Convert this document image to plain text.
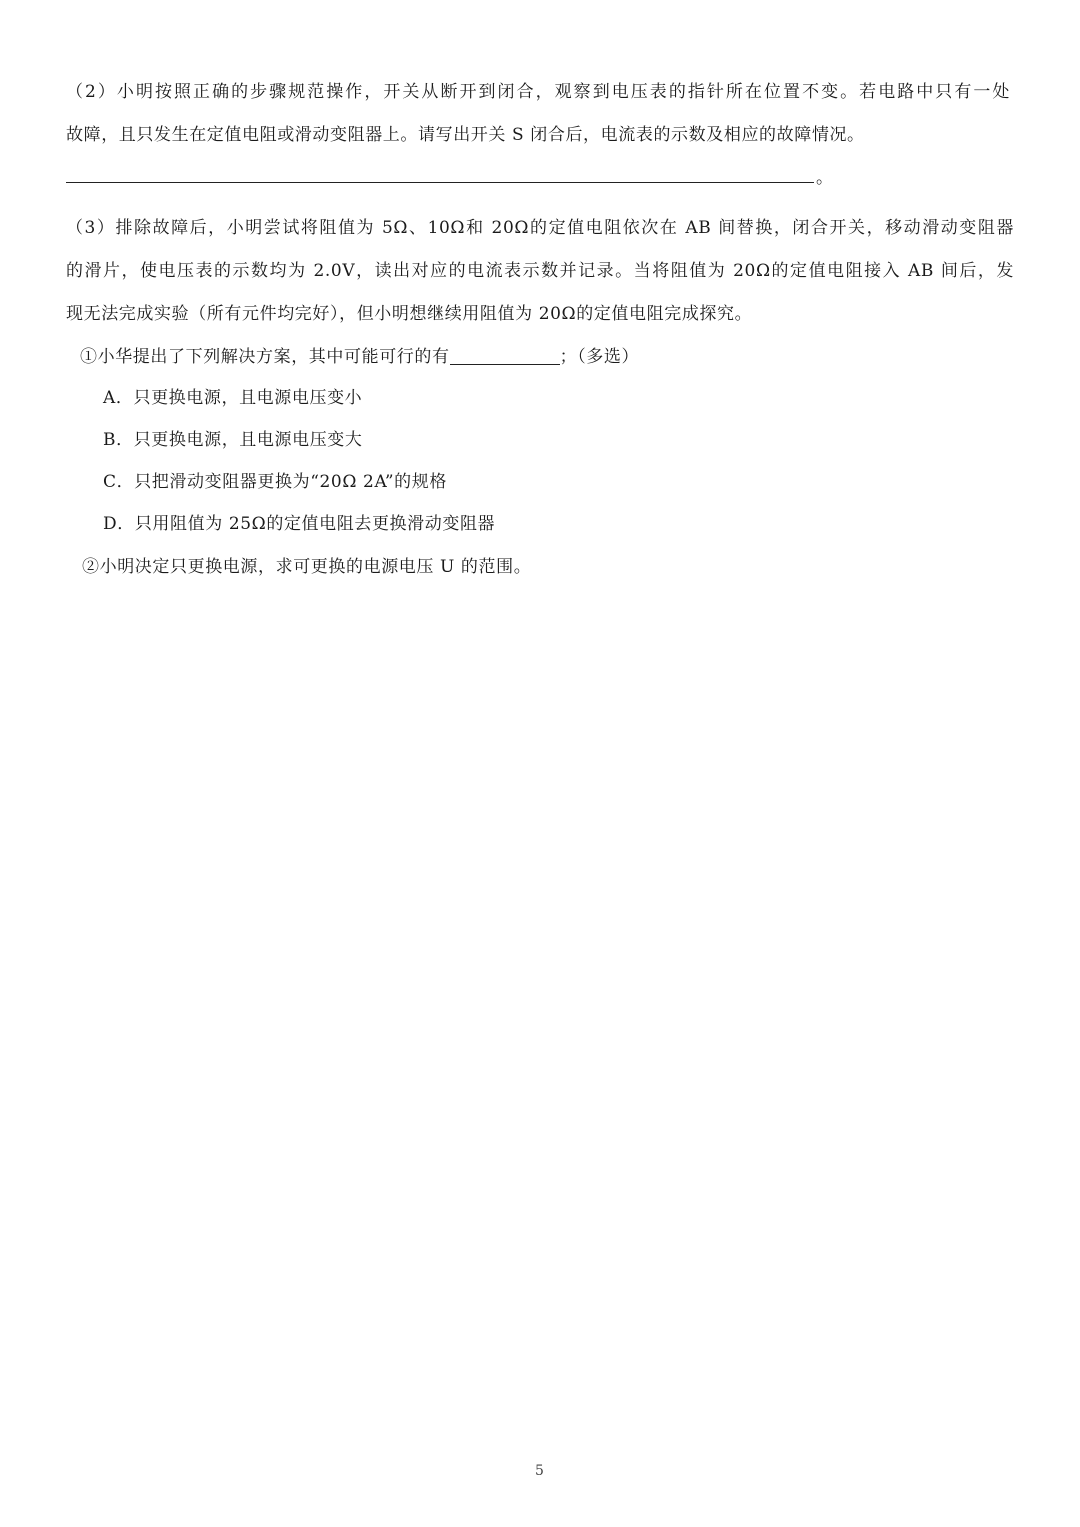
（2）小明按照正确的步骤规范操作，开关从断开到闭合，观察到电压表的指针所在位置不变。若电路中只有一处
故障，且只发生在定值电阻或滑动变阻器上。请写出开关 S 闭合后，电流表的示数及相应的故障情况。
。
（3）排除故障后，小明尝试将阻值为 5Ω、10Ω和 20Ω的定值电阻依次在 AB 间替换，闭合开关，移动滑动变阻器
的滑片，使电压表的示数均为 2.0V，读出对应的电流表示数并记录。当将阻值为 20Ω的定值电阻接入 AB 间后，发
现无法完成实验（所有元件均完好），但小明想继续用阻值为 20Ω的定值电阻完成探究。
①小华提出了下列解决方案，其中可能可行的有	；（多选）
A．只更换电源，且电源电压变小
B．只更换电源，且电源电压变大
C．只把滑动变阻器更换为“20Ω 2A”的规格
D．只用阻值为 25Ω的定值电阻去更换滑动变阻器
②小明决定只更换电源，求可更换的电源电压 U 的范围。
5
